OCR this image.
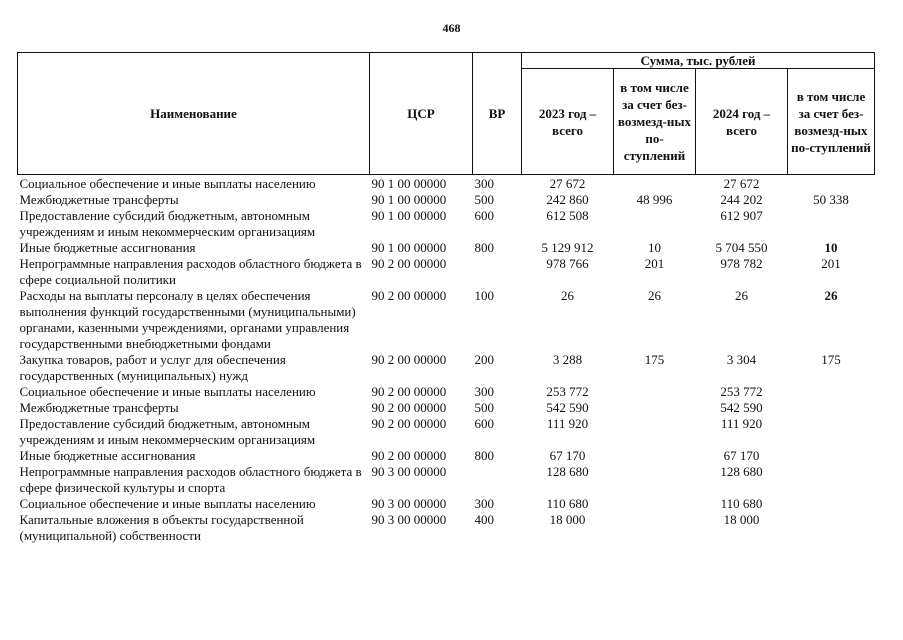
468
Наименование	ЦСР	ВР	Сумма, тыс. рублей			
			2023 год – всего	в том числе за счет без-возмезд-ных по-ступлений	2024 год – всего	в том числе за счет без-возмезд-ных по-ступлений
Социальное обеспечение и иные выплаты населению	90 1 00 00000	300	27 672		27 672	
Межбюджетные трансферты	90 1 00 00000	500	242 860	48 996	244 202	50 338
Предоставление субсидий бюджетным, автономным учреждениям и иным некоммерческим организациям	90 1 00 00000	600	612 508		612 907	
Иные бюджетные ассигнования	90 1 00 00000	800	5 129 912	10	5 704 550	10
Непрограммные направления расходов областного бюджета в сфере социальной политики	90 2 00 00000		978 766	201	978 782	201
Расходы на выплаты персоналу в целях обеспечения выполнения функций государственными (муниципальными) органами, казенными учреждениями, органами управления государственными внебюджетными фондами	90 2 00 00000	100	26	26	26	26
Закупка товаров, работ и услуг для обеспечения государственных (муниципальных) нужд	90 2 00 00000	200	3 288	175	3 304	175
Социальное обеспечение и иные выплаты населению	90 2 00 00000	300	253 772		253 772	
Межбюджетные трансферты	90 2 00 00000	500	542 590		542 590	
Предоставление субсидий бюджетным, автономным учреждениям и иным некоммерческим организациям	90 2 00 00000	600	111 920		111 920	
Иные бюджетные ассигнования	90 2 00 00000	800	67 170		67 170	
Непрограммные направления расходов областного бюджета в сфере физической культуры и спорта	90 3 00 00000		128 680		128 680	
Социальное обеспечение и иные выплаты населению	90 3 00 00000	300	110 680		110 680	
Капитальные вложения в объекты государственной (муниципальной) собственности	90 3 00 00000	400	18 000		18 000	
